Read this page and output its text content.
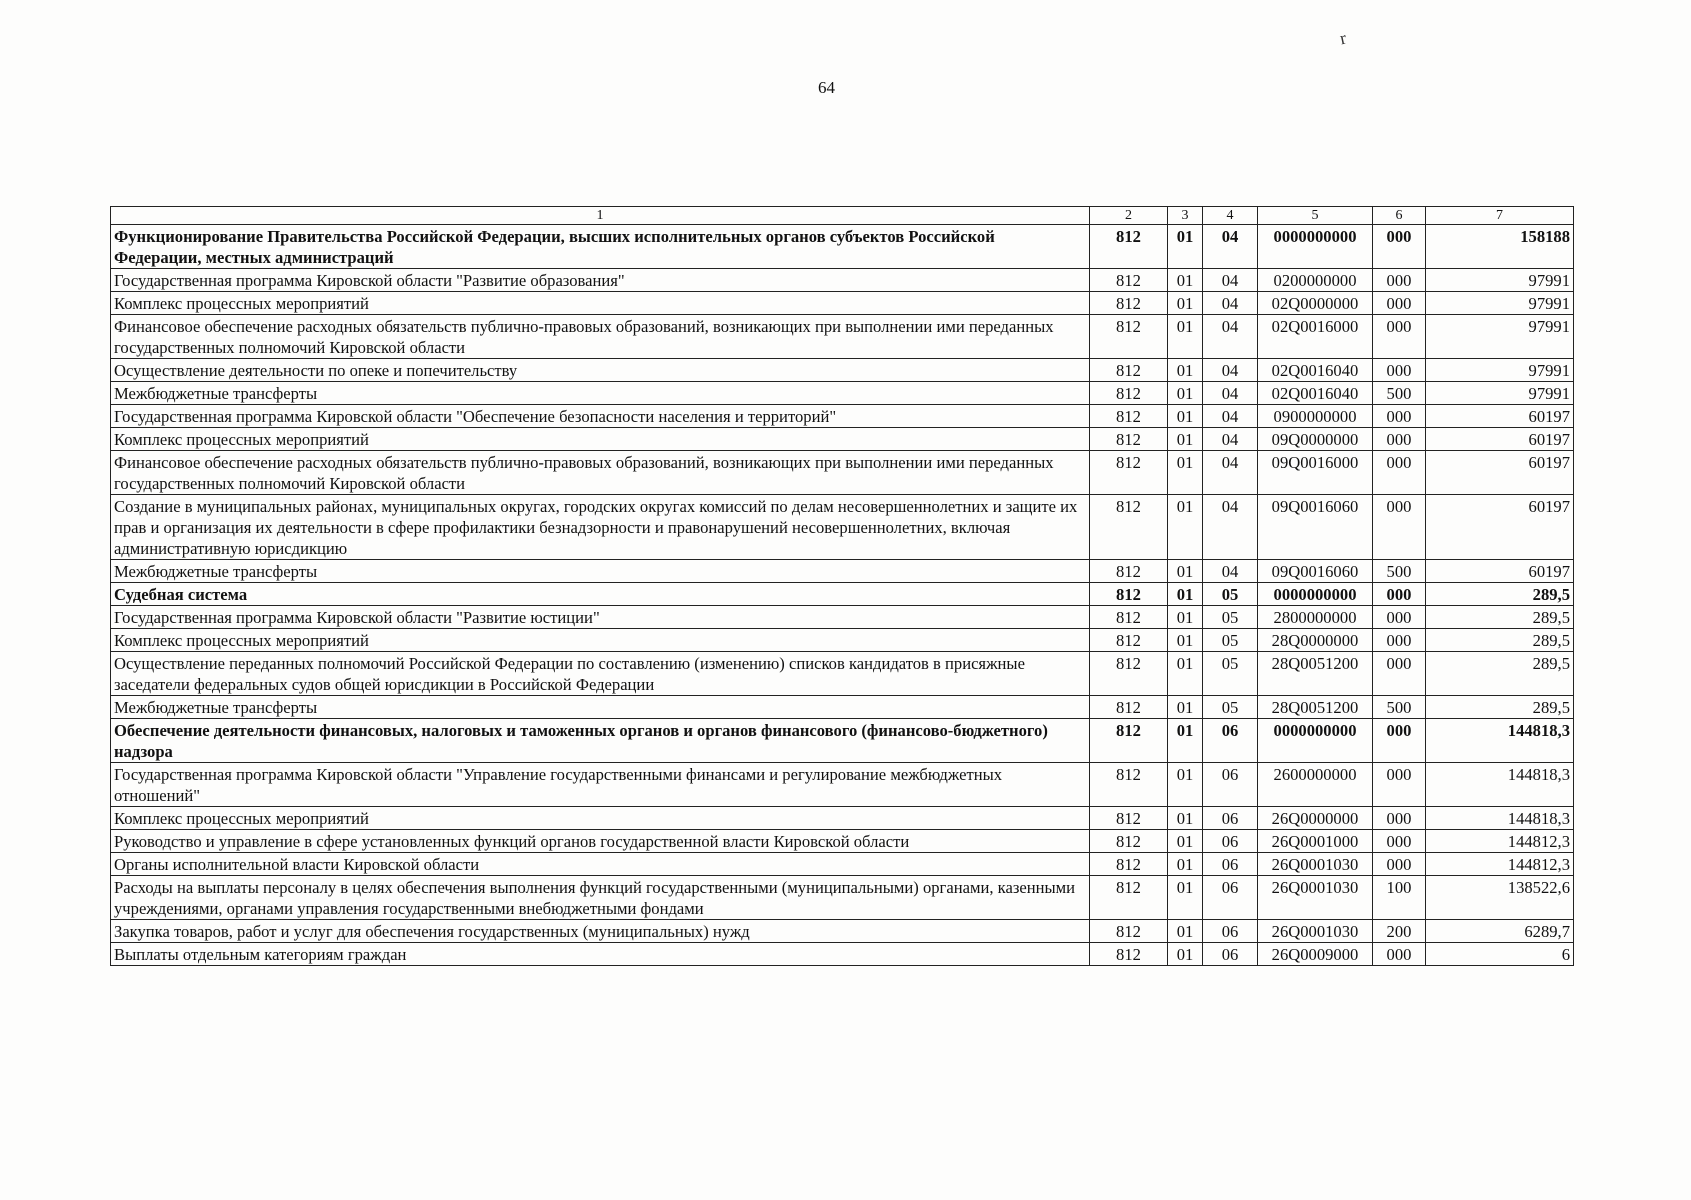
r
64
1	2	3	4	5	6	7
Функционирование Правительства Российской Федерации, высших исполнительных органов субъектов Российской Федерации, местных администраций	812	01	04	0000000000	000	158188
Государственная программа Кировской области "Развитие образования"	812	01	04	0200000000	000	97991
Комплекс процессных мероприятий	812	01	04	02Q0000000	000	97991
Финансовое обеспечение расходных обязательств публично-правовых образований, возникающих при выполнении ими переданных государственных полномочий Кировской области	812	01	04	02Q0016000	000	97991
Осуществление деятельности по опеке и попечительству	812	01	04	02Q0016040	000	97991
Межбюджетные трансферты	812	01	04	02Q0016040	500	97991
Государственная программа Кировской области "Обеспечение безопасности населения и территорий"	812	01	04	0900000000	000	60197
Комплекс процессных мероприятий	812	01	04	09Q0000000	000	60197
Финансовое обеспечение расходных обязательств публично-правовых образований, возникающих при выполнении ими переданных государственных полномочий Кировской области	812	01	04	09Q0016000	000	60197
Создание в муниципальных районах, муниципальных округах, городских округах комиссий по делам несовершеннолетних и защите их прав и организация их деятельности в сфере профилактики безнадзорности и правонарушений несовершеннолетних, включая административную юрисдикцию	812	01	04	09Q0016060	000	60197
Межбюджетные трансферты	812	01	04	09Q0016060	500	60197
Судебная система	812	01	05	0000000000	000	289,5
Государственная программа Кировской области "Развитие юстиции"	812	01	05	2800000000	000	289,5
Комплекс процессных мероприятий	812	01	05	28Q0000000	000	289,5
Осуществление переданных полномочий Российской Федерации по составлению (изменению) списков кандидатов в присяжные заседатели федеральных судов общей юрисдикции в Российской Федерации	812	01	05	28Q0051200	000	289,5
Межбюджетные трансферты	812	01	05	28Q0051200	500	289,5
Обеспечение деятельности финансовых, налоговых и таможенных органов и органов финансового (финансово-бюджетного) надзора	812	01	06	0000000000	000	144818,3
Государственная программа Кировской области "Управление государственными финансами и регулирование межбюджетных отношений"	812	01	06	2600000000	000	144818,3
Комплекс процессных мероприятий	812	01	06	26Q0000000	000	144818,3
Руководство и управление в сфере установленных функций органов государственной власти Кировской области	812	01	06	26Q0001000	000	144812,3
Органы исполнительной власти Кировской области	812	01	06	26Q0001030	000	144812,3
Расходы на выплаты персоналу в целях обеспечения выполнения функций государственными (муниципальными) органами, казенными учреждениями, органами управления государственными внебюджетными фондами	812	01	06	26Q0001030	100	138522,6
Закупка товаров, работ и услуг для обеспечения государственных (муниципальных) нужд	812	01	06	26Q0001030	200	6289,7
Выплаты отдельным категориям граждан	812	01	06	26Q0009000	000	6
